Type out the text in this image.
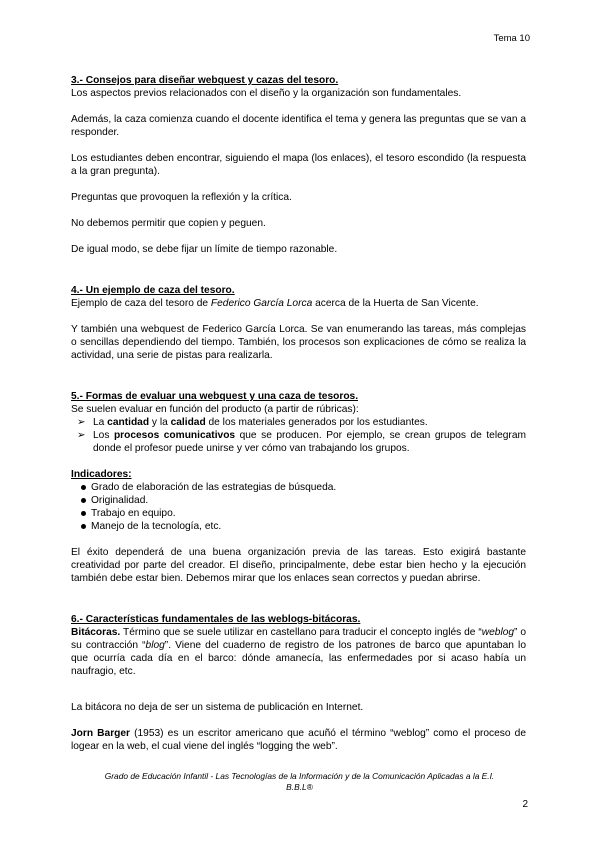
Tema 10

3.- Consejos para diseñar webquest y cazas del tesoro.

Los aspectos previos relacionados con el diseño y la organización son fundamentales.

Además, la caza comienza cuando el docente identifica el tema y genera las preguntas que se van a responder.

Los estudiantes deben encontrar, siguiendo el mapa (los enlaces), el tesoro escondido (la respuesta a la gran pregunta).

Preguntas que provoquen la reflexión y la crítica.

No debemos permitir que copien y peguen.

De igual modo, se debe fijar un límite de tiempo razonable.

4.- Un ejemplo de caza del tesoro.

Ejemplo de caza del tesoro de Federico García Lorca acerca de la Huerta de San Vicente.

Y también una webquest de Federico García Lorca. Se van enumerando las tareas, más complejas o sencillas dependiendo del tiempo. También, los procesos son explicaciones de cómo se realiza la actividad, una serie de pistas para realizarla.

5.- Formas de evaluar una webquest y una caza de tesoros.

Se suelen evaluar en función del producto (a partir de rúbricas):

➢ La cantidad y la calidad de los materiales generados por los estudiantes.
➢ Los procesos comunicativos que se producen. Por ejemplo, se crean grupos de telegram donde el profesor puede unirse y ver cómo van trabajando los grupos.

Indicadores:

Grado de elaboración de las estrategias de búsqueda.
Originalidad.
Trabajo en equipo.
Manejo de la tecnología, etc.

El éxito dependerá de una buena organización previa de las tareas. Esto exigirá bastante creatividad por parte del creador. El diseño, principalmente, debe estar bien hecho y la ejecución también debe estar bien. Debemos mirar que los enlaces sean correctos y puedan abrirse.

6.- Características fundamentales de las weblogs-bitácoras.

Bitácoras. Término que se suele utilizar en castellano para traducir el concepto inglés de “weblog” o su contracción “blog”. Viene del cuaderno de registro de los patrones de barco que apuntaban lo que ocurría cada día en el barco: dónde amanecía, las enfermedades por si acaso había un naufragio, etc.

La bitácora no deja de ser un sistema de publicación en Internet.

Jorn Barger (1953) es un escritor americano que acuñó el término “weblog” como el proceso de logear en la web, el cual viene del inglés “logging the web”.

Grado de Educación Infantil - Las Tecnologías de la Información y de la Comunicación Aplicadas a la E.I.
B.B.L®
2
